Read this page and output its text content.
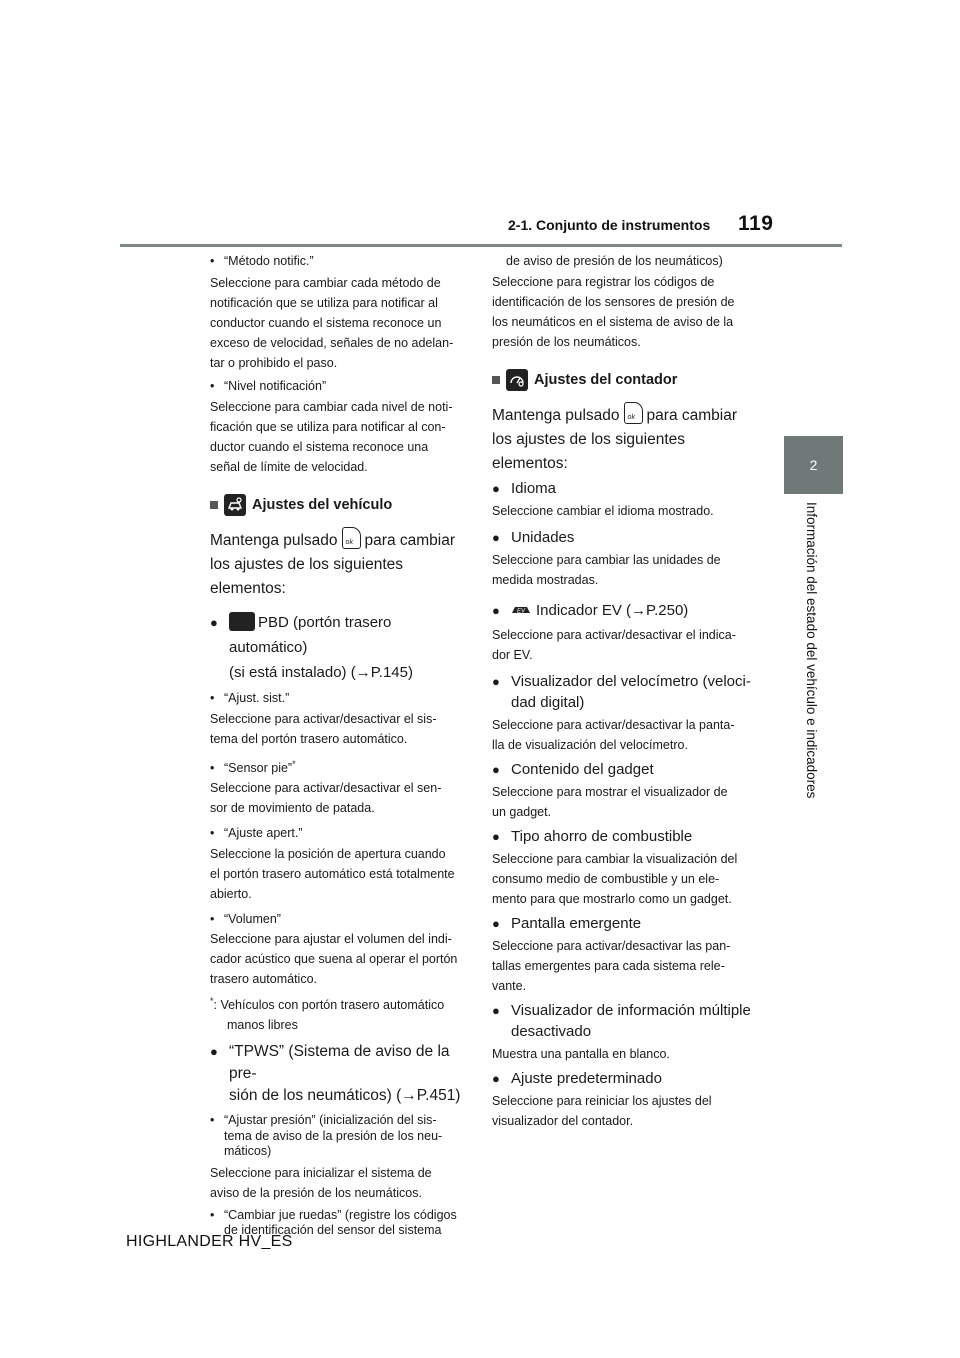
2-1. Conjunto de instrumentos 119
2
Información del estado del vehículo e indicadores

• “Método notific.”

Seleccione para cambiar cada método de

notificación que se utiliza para notificar al

conductor cuando el sistema reconoce un

exceso de velocidad, señales de no adelan-

tar o prohibido el paso.

• “Nivel notificación”

Seleccione para cambiar cada nivel de noti-

ficación que se utiliza para notificar al con-

ductor cuando el sistema reconoce una

señal de límite de velocidad.

Ajustes del vehículo

Mantenga pulsado ok para cambiar

los ajustes de los siguientes elementos:

●	PBD (portón trasero automático)
(si está instalado) (→P.145)

• “Ajust. sist.”

Seleccione para activar/desactivar el sis-

tema del portón trasero automático.

• “Sensor pie”*

Seleccione para activar/desactivar el sen-

sor de movimiento de patada.

• “Ajuste apert.”

Seleccione la posición de apertura cuando

el portón trasero automático está totalmente

abierto.

• “Volumen”

Seleccione para ajustar el volumen del indi-

cador acústico que suena al operar el portón

trasero automático.

*: Vehículos con portón trasero automático

manos libres

● “TPWS” (Sistema de aviso de la pre-
sión de los neumáticos) (→P.451)

• “Ajustar presión” (inicialización del sis-

tema de aviso de la presión de los neu-

máticos)

Seleccione para inicializar el sistema de

aviso de la presión de los neumáticos.

• “Cambiar jue ruedas” (registre los códigos

de identificación del sensor del sistema

de aviso de presión de los neumáticos)

Seleccione para registrar los códigos de

identificación de los sensores de presión de

los neumáticos en el sistema de aviso de la

presión de los neumáticos.

Ajustes del contador

Mantenga pulsado ok para cambiar

los ajustes de los siguientes elementos:

● Idioma

Seleccione cambiar el idioma mostrado.

● Unidades

Seleccione para cambiar las unidades de

medida mostradas.

●	EV Indicador EV (→P.250)

Seleccione para activar/desactivar el indica-

dor EV.

● Visualizador del velocímetro (veloci-
dad digital)

Seleccione para activar/desactivar la panta-

lla de visualización del velocímetro.

● Contenido del gadget

Seleccione para mostrar el visualizador de

un gadget.

● Tipo ahorro de combustible

Seleccione para cambiar la visualización del

consumo medio de combustible y un ele-

mento para que mostrarlo como un gadget.

● Pantalla emergente

Seleccione para activar/desactivar las pan-

tallas emergentes para cada sistema rele-

vante.

● Visualizador de información múltiple
desactivado

Muestra una pantalla en blanco.

● Ajuste predeterminado

Seleccione para reiniciar los ajustes del

visualizador del contador.

HIGHLANDER HV_ES
